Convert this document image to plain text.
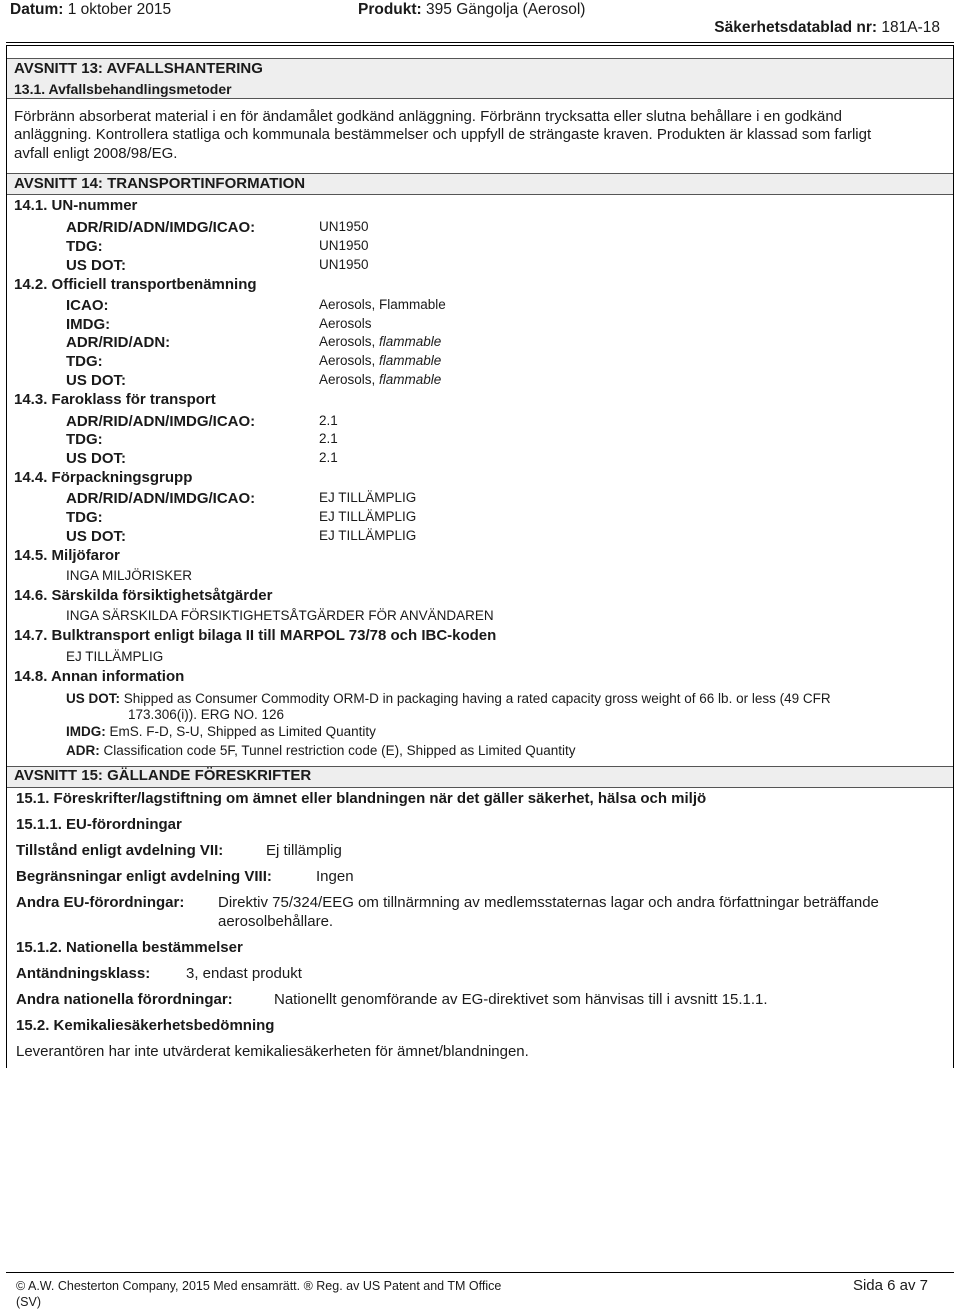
Datum: 1 oktober 2015	Produkt: 395 Gängolja (Aerosol)
Säkerhetsdatablad nr: 181A-18
AVSNITT 13: AVFALLSHANTERING
13.1. Avfallsbehandlingsmetoder
Förbränn absorberat material i en för ändamålet godkänd anläggning. Förbränn trycksatta eller slutna behållare i en godkänd
anläggning. Kontrollera statliga och kommunala bestämmelser och uppfyll de strängaste kraven. Produkten är klassad som farligt
avfall enligt 2008/98/EG.
AVSNITT 14: TRANSPORTINFORMATION
14.1. UN-nummer
ADR/RID/ADN/IMDG/ICAO:	UN1950
TDG:	UN1950
US DOT:	UN1950
14.2. Officiell transportbenämning
ICAO:	Aerosols, Flammable
IMDG:	Aerosols
ADR/RID/ADN:	Aerosols, flammable
TDG:	Aerosols, flammable
US DOT:	Aerosols, flammable
14.3. Faroklass för transport
ADR/RID/ADN/IMDG/ICAO:	2.1
TDG:	2.1
US DOT:	2.1
14.4. Förpackningsgrupp
ADR/RID/ADN/IMDG/ICAO:	EJ TILLÄMPLIG
TDG:	EJ TILLÄMPLIG
US DOT:	EJ TILLÄMPLIG
14.5. Miljöfaror
INGA MILJÖRISKER
14.6. Särskilda försiktighetsåtgärder
INGA SÄRSKILDA FÖRSIKTIGHETSÅTGÄRDER FÖR ANVÄNDAREN
14.7. Bulktransport enligt bilaga II till MARPOL 73/78 och IBC-koden
EJ TILLÄMPLIG
14.8. Annan information
US DOT: Shipped as Consumer Commodity ORM-D in packaging having a rated capacity gross weight of 66 lb. or less (49 CFR
173.306(i)). ERG NO. 126
IMDG: EmS. F-D, S-U, Shipped as Limited Quantity
ADR: Classification code 5F, Tunnel restriction code (E), Shipped as Limited Quantity
AVSNITT 15: GÄLLANDE FÖRESKRIFTER
15.1. Föreskrifter/lagstiftning om ämnet eller blandningen när det gäller säkerhet, hälsa och miljö
15.1.1. EU-förordningar
Tillstånd enligt avdelning VII:	Ej tillämplig
Begränsningar enligt avdelning VIII:	Ingen
Andra EU-förordningar: Direktiv 75/324/EEG om tillnärmning av medlemsstaternas lagar och andra författningar beträffande
aerosolbehållare.
15.1.2. Nationella bestämmelser
Antändningsklass: 3, endast produkt
Andra nationella förordningar:	Nationellt genomförande av EG-direktivet som hänvisas till i avsnitt 15.1.1.
15.2. Kemikaliesäkerhetsbedömning
Leverantören har inte utvärderat kemikaliesäkerheten för ämnet/blandningen.
© A.W. Chesterton Company, 2015 Med ensamrätt. ® Reg. av US Patent and TM Office
(SV)
Sida 6 av 7
